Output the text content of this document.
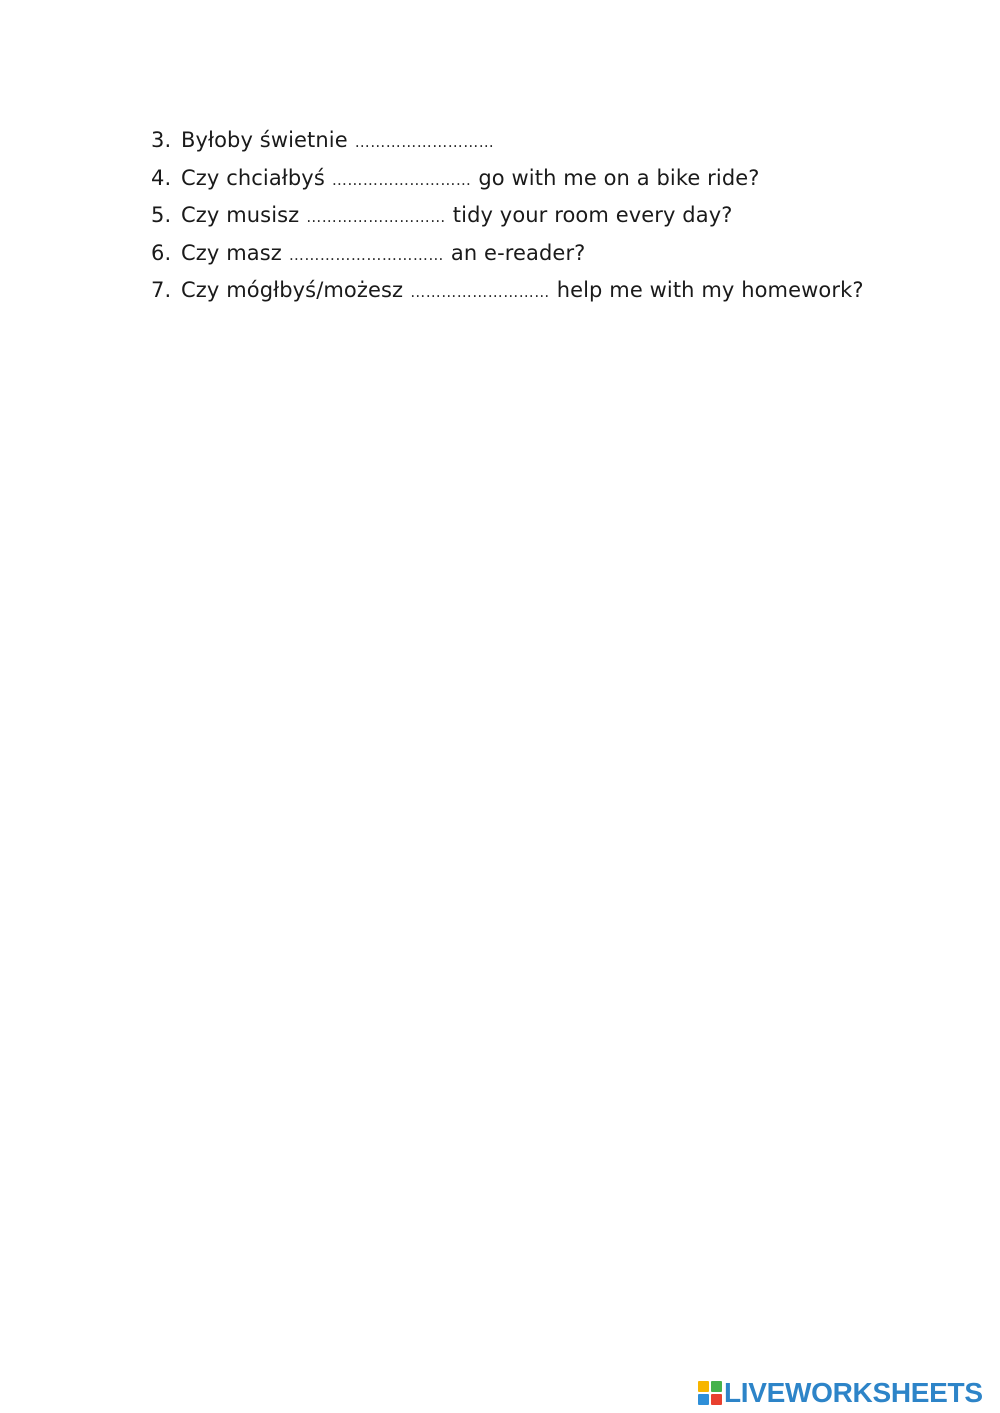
3. Byłoby świetnie ………………………
4. Czy chciałbyś ……………………… go with me on a bike ride?
5. Czy musisz ……………………… tidy your room every day?
6. Czy masz ………………………… an e-reader?
7. Czy mógłbyś/możesz ……………………… help me with my homework?
LIVEWORKSHEETS
